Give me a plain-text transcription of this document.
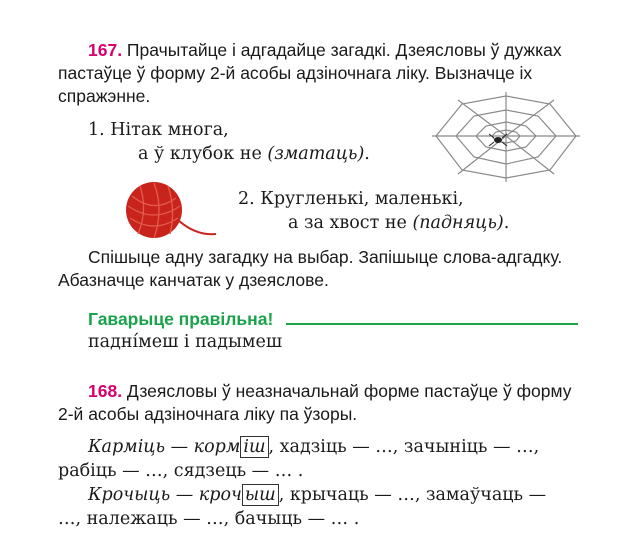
167. Прачытайце і адгадайце загадкі. Дзеясловы ў дужках
пастаўце ў форму 2-й асобы адзіночнага ліку. Вызначце іх
спражэнне.
1. Нітак многа,
а ў клубок не (зматаць).
2. Кругленькі, маленькі,
а за хвост не (падняць).
Спішыце адну загадку на выбар. Запішыце слова-адгадку.
Абазначце канчатак у дзеяслове.
Гаварыце правільна!
паднíмеш і падымеш
168. Дзеясловы ў неазначальнай форме пастаўце ў форму
2-й асобы адзіночнага ліку па ўзоры.
Карміць — корм іш , хадзіць — …, зачыніць — …,
рабіць — …, сядзець — … .
Крочыць — кроч ыш , крычаць — …, замаўчаць —
…, належаць — …, бачыць — … .
